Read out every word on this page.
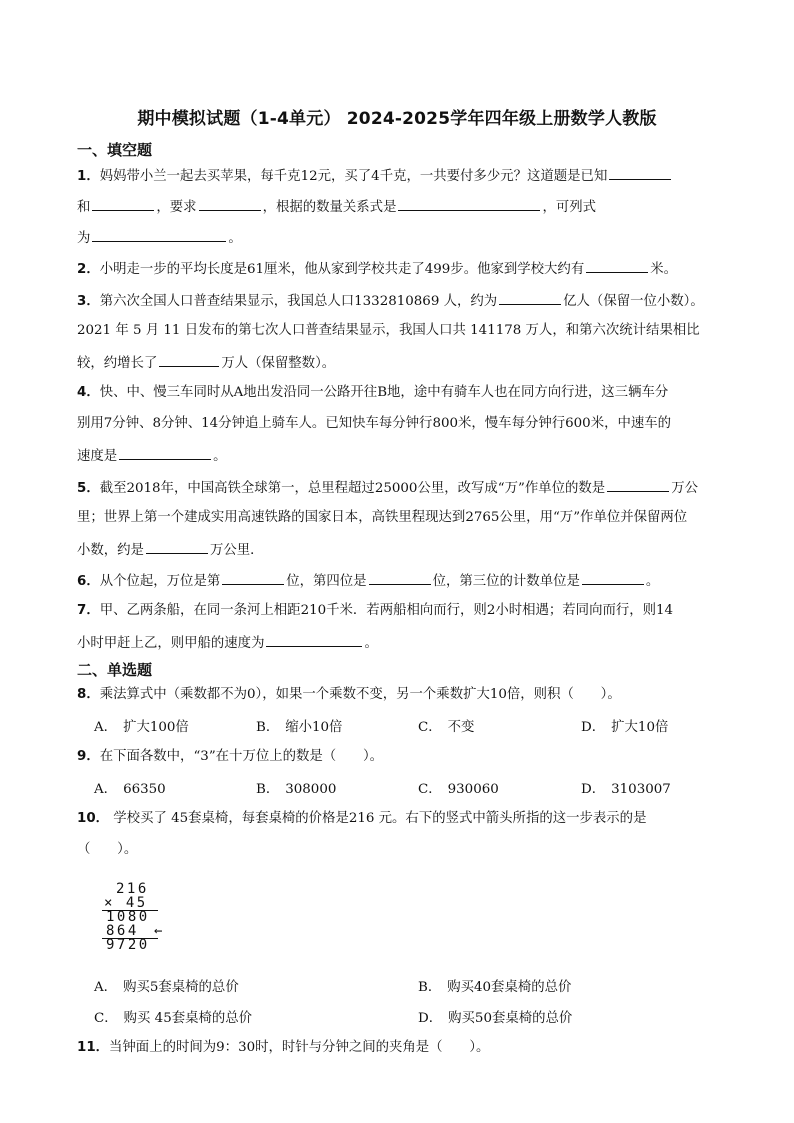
期中模拟试题（1-4单元） 2024-2025学年四年级上册数学人教版
一、填空题
1．妈妈带小兰一起去买苹果，每千克12元，买了4千克，一共要付多少元？这道题是已知
和	，要求	，根据的数量关系式是	，可列式
为	。
2．小明走一步的平均长度是61厘米，他从家到学校共走了499步。他家到学校大约有	米。
3．第六次全国人口普查结果显示，我国总人口1332810869 人，约为	亿人（保留一位小数）。
2021 年 5 月 11 日发布的第七次人口普查结果显示，我国人口共 141178 万人，和第六次统计结果相比
较，约增长了	万人（保留整数）。
4．快、中、慢三车同时从A地出发沿同一公路开往B地，途中有骑车人也在同方向行进，这三辆车分
别用7分钟、8分钟、14分钟追上骑车人。已知快车每分钟行800米，慢车每分钟行600米，中速车的
速度是	。
5．截至2018年，中国高铁全球第一，总里程超过25000公里，改写成“万”作单位的数是	万公
里；世界上第一个建成实用高速铁路的国家日本，高铁里程现达到2765公里，用“万”作单位并保留两位
小数，约是	万公里．
6．从个位起，万位是第	位，第四位是	位，第三位的计数单位是	。
7．甲、乙两条船，在同一条河上相距210千米．若两船相向而行，则2小时相遇；若同向而行，则14
小时甲赶上乙，则甲船的速度为	。
二、单选题
8．乘法算式中（乘数都不为0），如果一个乘数不变，另一个乘数扩大10倍，则积（　　）。
A． 扩大100倍	B． 缩小10倍	C． 不变	D． 扩大10倍
9．在下面各数中，“3”在十万位上的数是（　　）。
A． 66350	B． 308000	C． 930060	D． 3103007
10． 学校买了 45套桌椅，每套桌椅的价格是216 元。右下的竖式中箭头所指的这一步表示的是
（　　）。
216
× 45
1080
864 ←
9720
A． 购买5套桌椅的总价	B． 购买40套桌椅的总价
C． 购买 45套桌椅的总价	D． 购买50套桌椅的总价
11．当钟面上的时间为9：30时，时针与分钟之间的夹角是（　　）。
